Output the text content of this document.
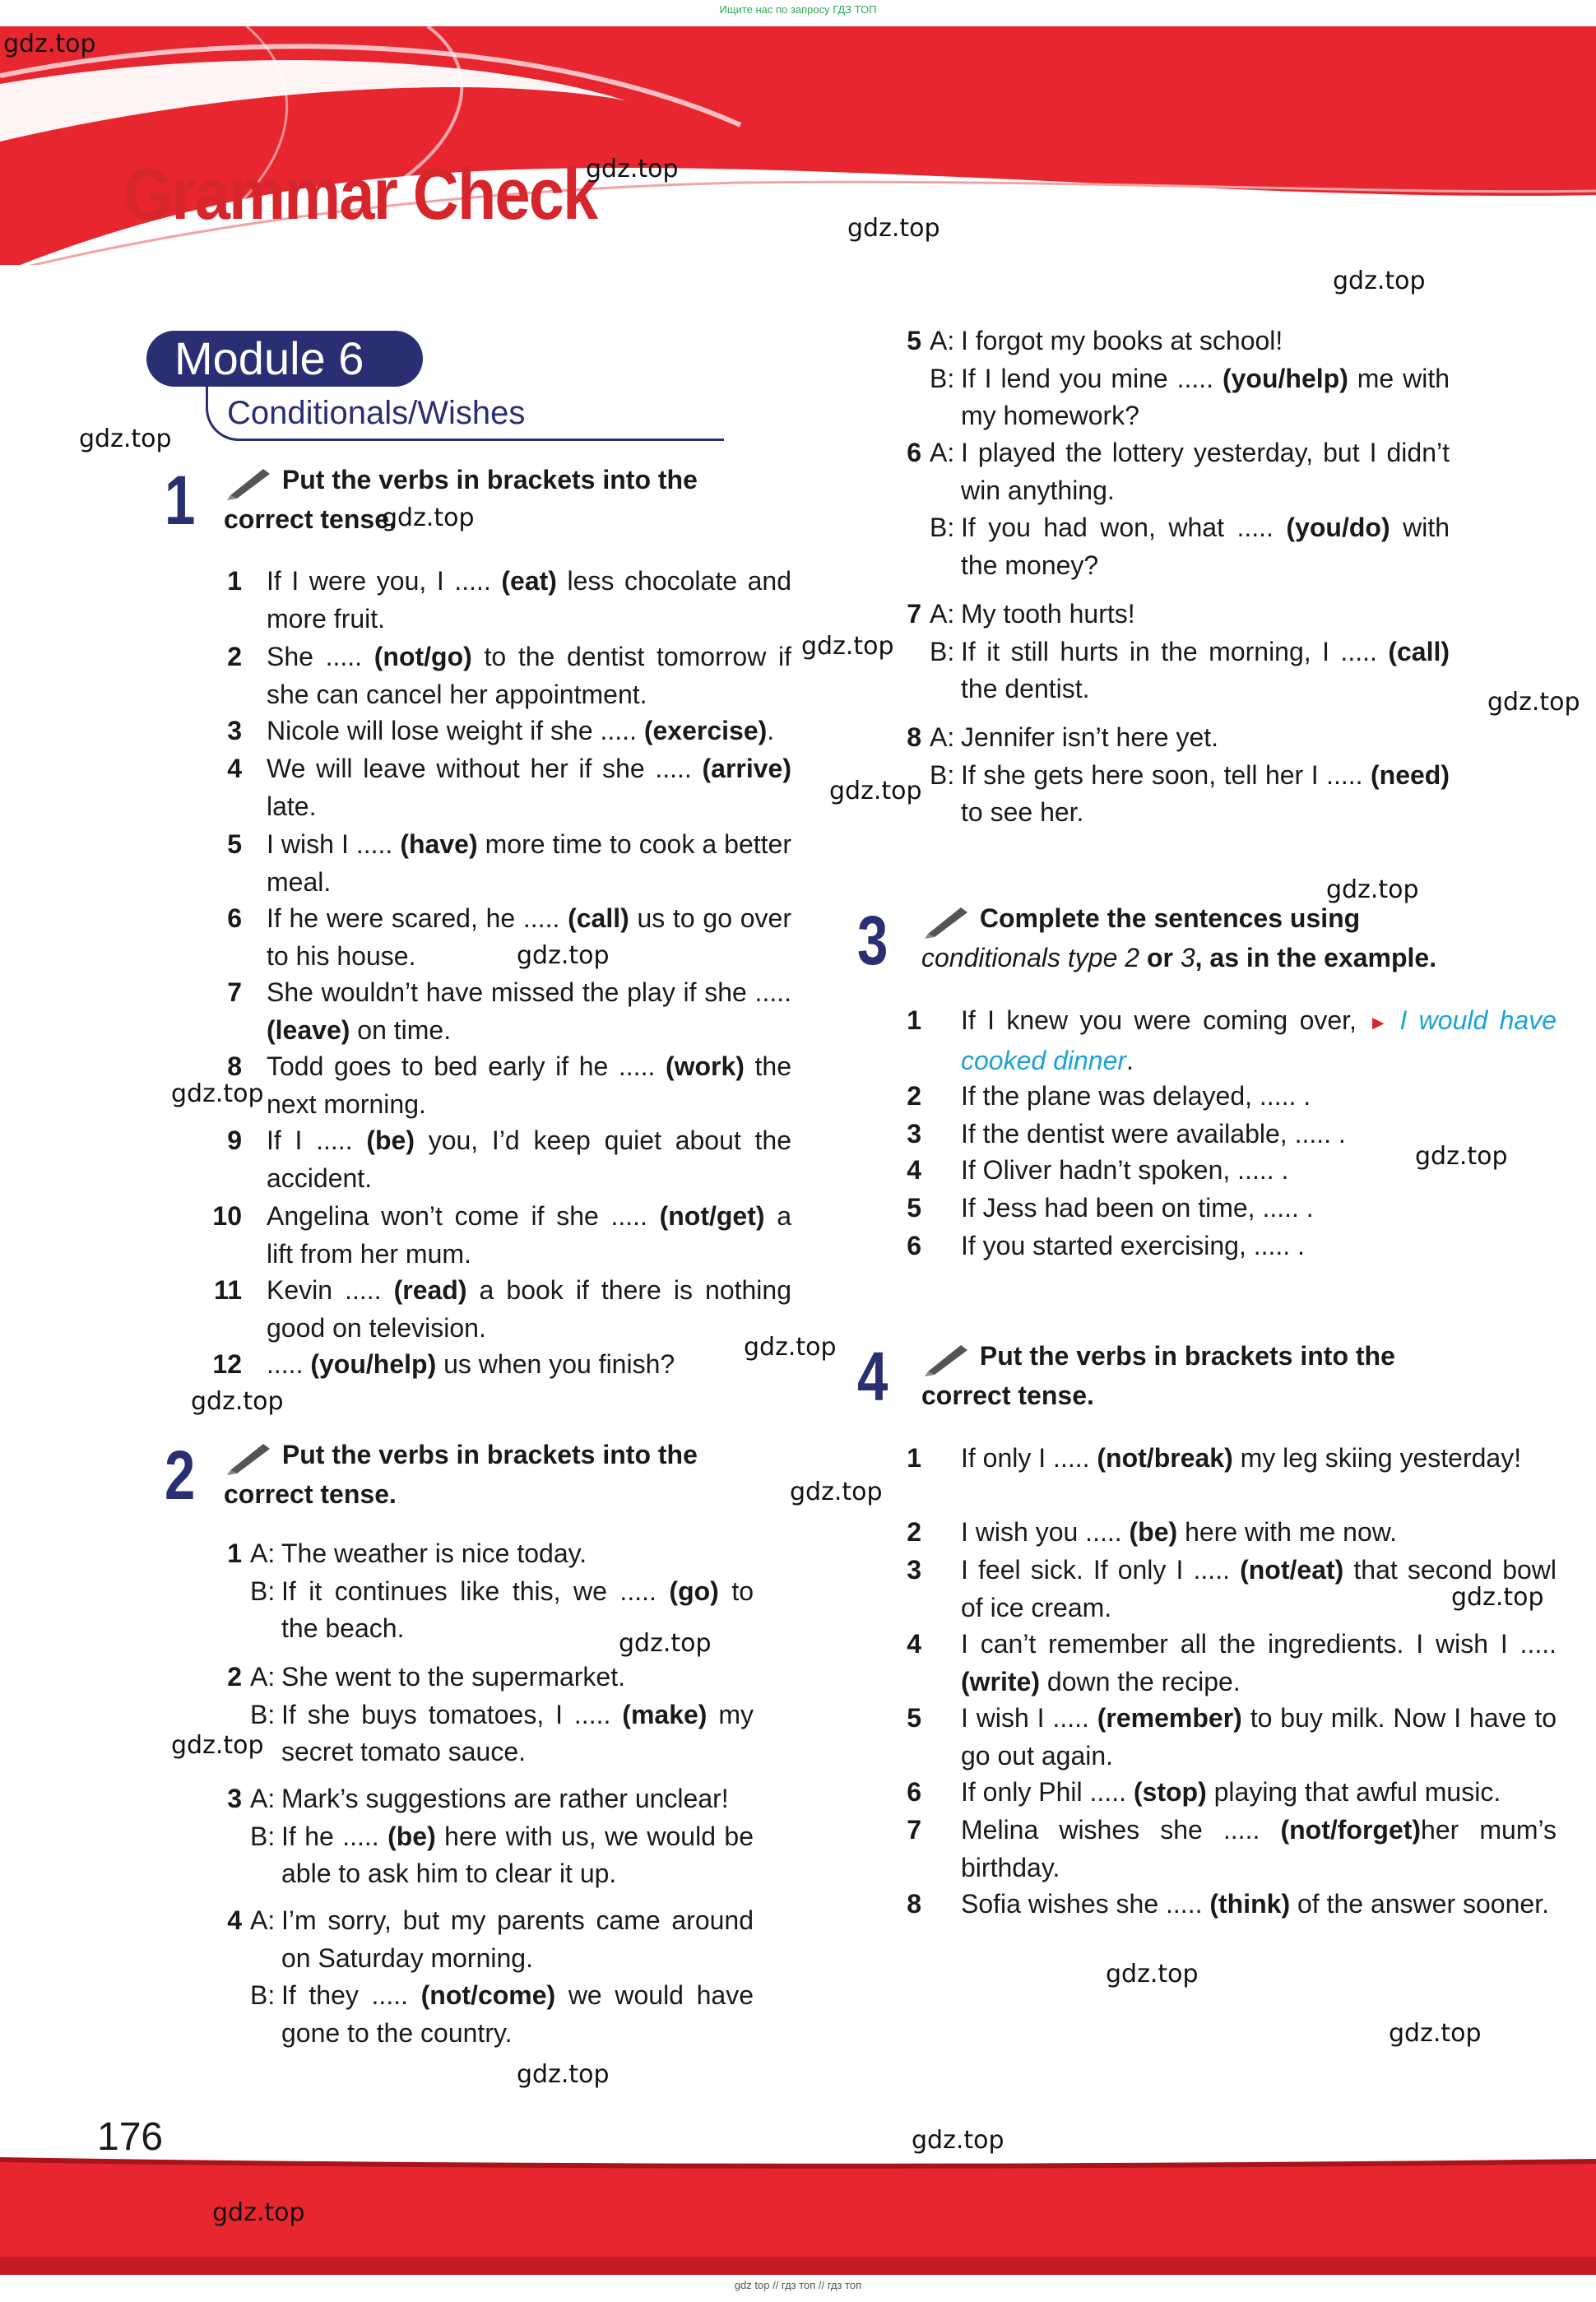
Ищите нас по запросу ГДЗ ТОП
Grammar Check
Module 6
Conditionals/Wishes
1	Put the verbs in brackets into the correct tense.
1 If I were you, I ..... (eat) less chocolate and more fruit.
2 She ..... (not/go) to the dentist tomorrow if she can cancel her appointment.
3 Nicole will lose weight if she ..... (exercise).
4 We will leave without her if she ..... (arrive) late.
5 I wish I ..... (have) more time to cook a better meal.
6 If he were scared, he ..... (call) us to go over to his house.
7 She wouldn’t have missed the play if she ..... (leave) on time.
8 Todd goes to bed early if he ..... (work) the next morning.
9 If I ..... (be) you, I’d keep quiet about the accident.
10 Angelina won’t come if she ..... (not/get) a lift from her mum.
11 Kevin ..... (read) a book if there is nothing good on television.
12 ..... (you/help) us when you finish?
2	Put the verbs in brackets into the correct tense.
1 A: The weather is nice today.
B: If it continues like this, we ..... (go) to the beach.
2 A: She went to the supermarket.
B: If she buys tomatoes, I ..... (make) my secret tomato sauce.
3 A: Mark’s suggestions are rather unclear!
B: If he ..... (be) here with us, we would be able to ask him to clear it up.
4 A: I’m sorry, but my parents came around on Saturday morning.
B: If they ..... (not/come) we would have gone to the country.
5 A: I forgot my books at school!
B: If I lend you mine ..... (you/help) me with my homework?
6 A: I played the lottery yesterday, but I didn’t win anything.
B: If you had won, what ..... (you/do) with the money?
7 A: My tooth hurts!
B: If it still hurts in the morning, I ..... (call) the dentist.
8 A: Jennifer isn’t here yet.
B: If she gets here soon, tell her I ..... (need) to see her.
3	Complete the sentences using conditionals type 2 or 3, as in the example.
1 If I knew you were coming over, ► I would have cooked dinner.
2 If the plane was delayed, ..... .
3 If the dentist were available, ..... .
4 If Oliver hadn’t spoken, ..... .
5 If Jess had been on time, ..... .
6 If you started exercising, ..... .
4	Put the verbs in brackets into the correct tense.
1 If only I ..... (not/break) my leg skiing yesterday!
2 I wish you ..... (be) here with me now.
3 I feel sick. If only I ..... (not/eat) that second bowl of ice cream.
4 I can’t remember all the ingredients. I wish I ..... (write) down the recipe.
5 I wish I ..... (remember) to buy milk. Now I have to go out again.
6 If only Phil ..... (stop) playing that awful music.
7 Melina wishes she ..... (not/forget)her mum’s birthday.
8 Sofia wishes she ..... (think) of the answer sooner.
gdz.top
gdz.top
gdz.top
gdz.top
gdz.top
gdz.top
gdz.top
gdz.top
gdz.top
gdz.top
gdz.top
gdz.top
gdz.top
gdz.top
gdz.top
gdz.top
gdz.top
gdz.top
gdz.top
gdz.top
gdz.top
gdz.top
gdz.top
176
gdz.top
gdz top // гдз топ // гдз топ
